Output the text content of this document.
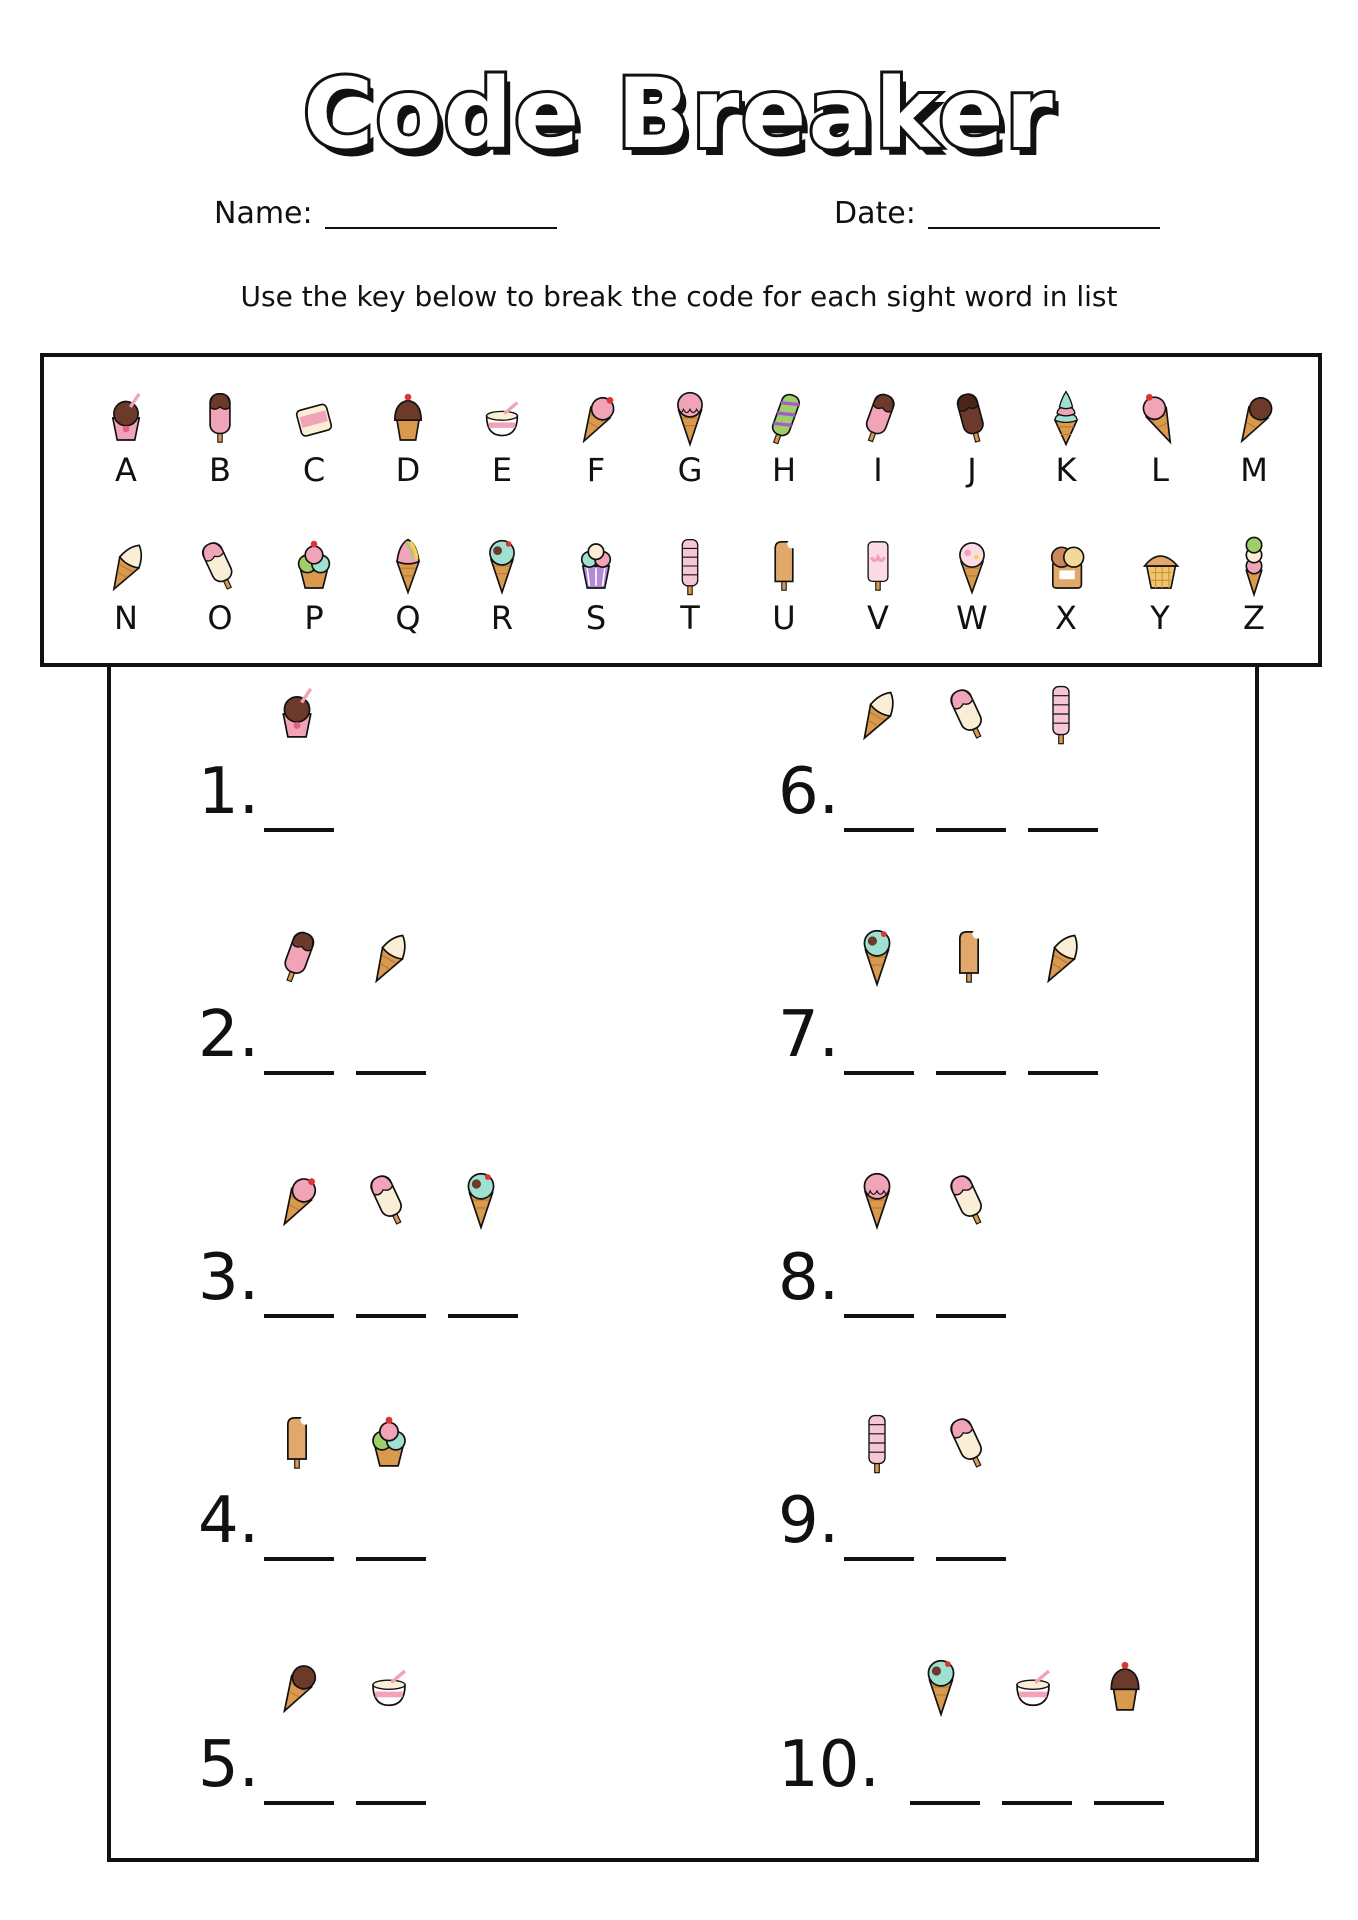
Code Breaker
Name:	Date:
Use the key below to break the code for each sight word in list
A	B	C	D	E	F	G	H	I	J	K	L	M
N	O	P	Q	R	S	T	U	V	W	X	Y	Z
1.
2.
3.
4.
5.
6.
7.
8.
9.
10.
